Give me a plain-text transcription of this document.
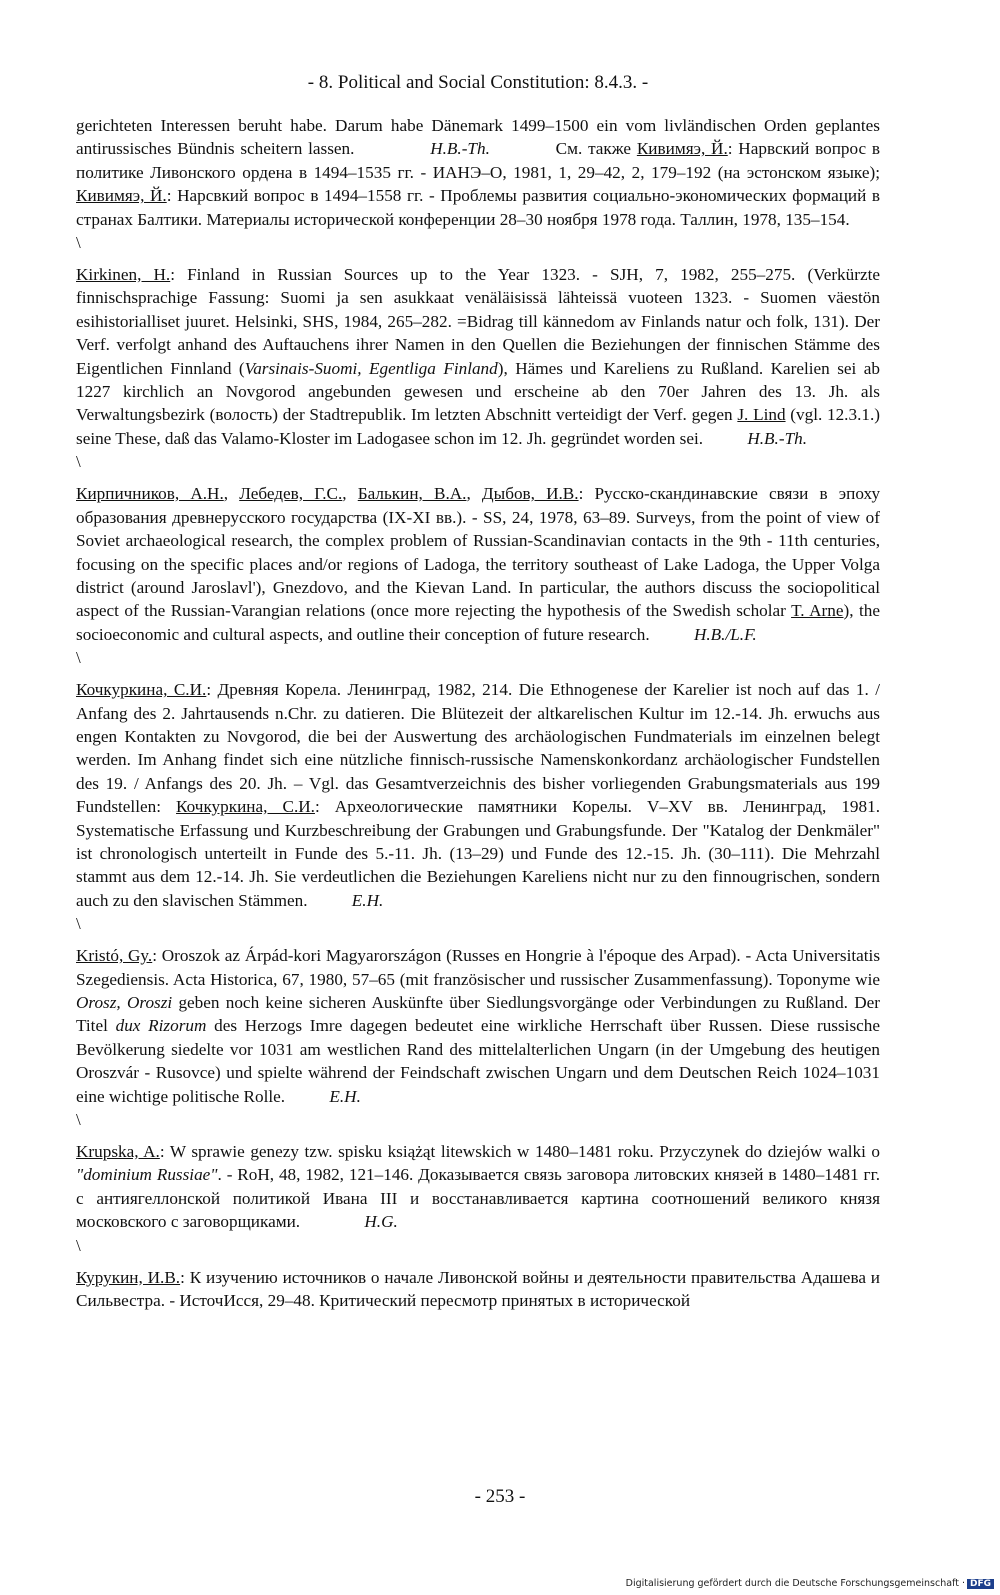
- 8. Political and Social Constitution: 8.4.3. -

gerichteten Interessen beruht habe. Darum habe Dänemark 1499–1500 ein vom livländischen Orden geplantes antirussisches Bündnis scheitern lassen.	H.B.-Th.	См. также Кивимяэ, Й.: Нарвский вопрос в политике Ливонского ордена в 1494–1535 гг. - ИАНЭ–О, 1981, 1, 29–42, 2, 179–192 (на эстонском языке); Кивимяэ, Й.: Нарсвкий вопрос в 1494–1558 гг. - Проблемы развития социально-экономических формаций в странах Балтики. Материалы исторической конференции 28–30 ноября 1978 года. Таллин, 1978, 135–154.

\

Kirkinen, H.: Finland in Russian Sources up to the Year 1323. - SJH, 7, 1982, 255–275. (Verkürzte finnischsprachige Fassung: Suomi ja sen asukkaat venäläisissä lähteissä vuoteen 1323. - Suomen väestön esihistorialliset juuret. Helsinki, SHS, 1984, 265–282. =Bidrag till kännedom av Finlands natur och folk, 131). Der Verf. verfolgt anhand des Auftauchens ihrer Namen in den Quellen die Beziehungen der finnischen Stämme des Eigentlichen Finnland (Varsinais-Suomi, Egentliga Finland), Hämes und Kareliens zu Rußland. Karelien sei ab 1227 kirchlich an Novgorod angebunden gewesen und erscheine ab den 70er Jahren des 13. Jh. als Verwaltungsbezirk (волость) der Stadtrepublik. Im letzten Abschnitt verteidigt der Verf. gegen J. Lind (vgl. 12.3.1.) seine These, daß das Valamo-Kloster im Ladogasee schon im 12. Jh. gegründet worden sei.	H.B.-Th.

\

Кирпичников, А.Н., Лебедев, Г.С., Балькин, В.А., Дыбов, И.В.: Русско-скандинавские связи в эпоху образования древнерусского государства (IX-XI вв.). - SS, 24, 1978, 63–89. Surveys, from the point of view of Soviet archaeological research, the complex problem of Russian-Scandinavian contacts in the 9th - 11th centuries, focusing on the specific places and/or regions of Ladoga, the territory southeast of Lake Ladoga, the Upper Volga district (around Jaroslavl'), Gnezdovo, and the Kievan Land. In particular, the authors discuss the sociopolitical aspect of the Russian-Varangian relations (once more rejecting the hypothesis of the Swedish scholar T. Arne), the socioeconomic and cultural aspects, and outline their conception of future research.	H.B./L.F.

\

Кочкуркина, С.И.: Древняя Корела. Ленинград, 1982, 214. Die Ethnogenese der Karelier ist noch auf das 1. / Anfang des 2. Jahrtausends n.Chr. zu datieren. Die Blütezeit der altkarelischen Kultur im 12.-14. Jh. erwuchs aus engen Kontakten zu Novgorod, die bei der Auswertung des archäologischen Fundmaterials im einzelnen belegt werden. Im Anhang findet sich eine nützliche finnisch-russische Namenskonkordanz archäologischer Fundstellen des 19. / Anfangs des 20. Jh. – Vgl. das Gesamtverzeichnis des bisher vorliegenden Grabungsmaterials aus 199 Fundstellen: Кочкуркина, С.И.: Археологические памятники Корелы. V–XV вв. Ленинград, 1981. Systematische Erfassung und Kurzbeschreibung der Grabungen und Grabungsfunde. Der "Katalog der Denkmäler" ist chronologisch unterteilt in Funde des 5.-11. Jh. (13–29) und Funde des 12.-15. Jh. (30–111). Die Mehrzahl stammt aus dem 12.-14. Jh. Sie verdeutlichen die Beziehungen Kareliens nicht nur zu den finnougrischen, sondern auch zu den slavischen Stämmen.	E.H.

\

Kristó, Gy.: Oroszok az Árpád-kori Magyarországon (Russes en Hongrie à l'époque des Arpad). - Acta Universitatis Szegediensis. Acta Historica, 67, 1980, 57–65 (mit französischer und russischer Zusammenfassung). Toponyme wie Orosz, Oroszi geben noch keine sicheren Auskünfte über Siedlungsvorgänge oder Verbindungen zu Rußland. Der Titel dux Rizorum des Herzogs Imre dagegen bedeutet eine wirkliche Herrschaft über Russen. Diese russische Bevölkerung siedelte vor 1031 am westlichen Rand des mittelalterlichen Ungarn (in der Umgebung des heutigen Oroszvár - Rusovce) und spielte während der Feindschaft zwischen Ungarn und dem Deutschen Reich 1024–1031 eine wichtige politische Rolle.	E.H.

\

Krupska, A.: W sprawie genezy tzw. spisku książąt litewskich w 1480–1481 roku. Przyczynek do dziejów walki o "dominium Russiae". - RoH, 48, 1982, 121–146. Доказывается связь заговора литовских князей в 1480–1481 гг. с антиягеллонской политикой Ивана III и восстанавливается картина соотношений великого князя московского с заговорщиками.	H.G.

\

Курукин, И.В.: К изучению источников о начале Ливонской войны и деятельности правительства Адашева и Сильвестра. - ИсточИсся, 29–48. Критический пересмотр принятых в исторической

- 253 -
Digitalisierung gefördert durch die Deutsche Forschungsgemeinschaft · DFG
